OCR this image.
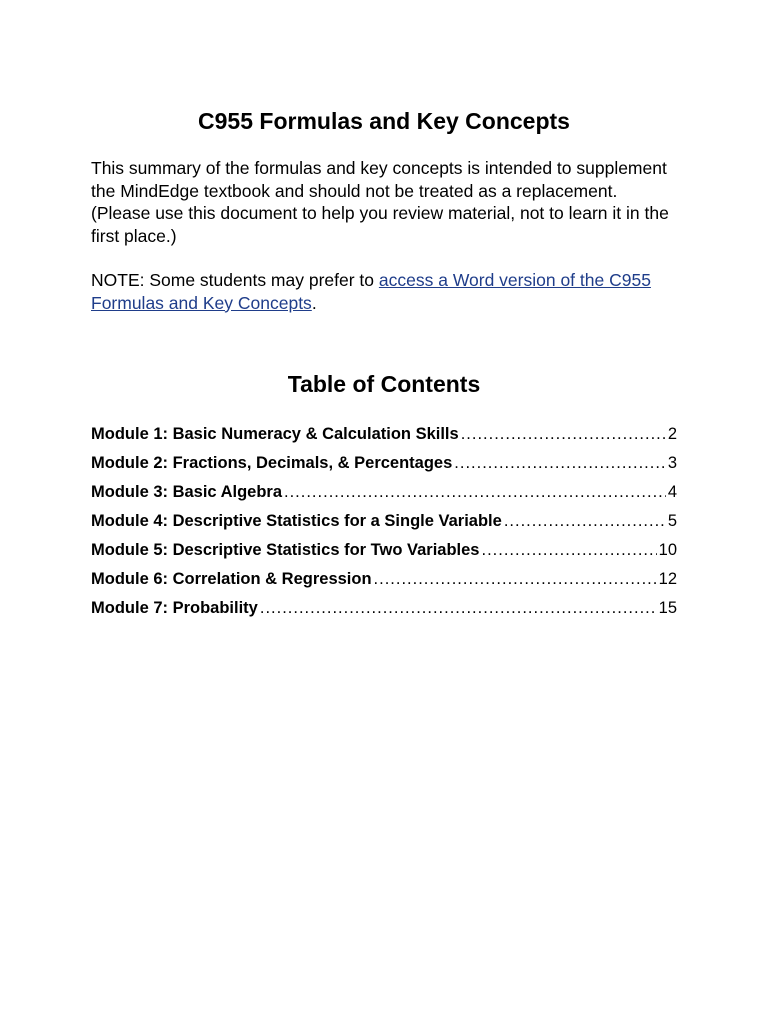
C955 Formulas and Key Concepts

This summary of the formulas and key concepts is intended to supplement
the MindEdge textbook and should not be treated as a replacement.
(Please use this document to help you review material, not to learn it in the
first place.)

NOTE: Some students may prefer to access a Word version of the C955
Formulas and Key Concepts.

Table of Contents
Module 1: Basic Numeracy & Calculation Skills .....	2
Module 2: Fractions, Decimals, & Percentages .....	3
Module 3: Basic Algebra .....	4
Module 4: Descriptive Statistics for a Single Variable .....	5
Module 5: Descriptive Statistics for Two Variables .....	10
Module 6: Correlation & Regression .....	12
Module 7: Probability .....	15
